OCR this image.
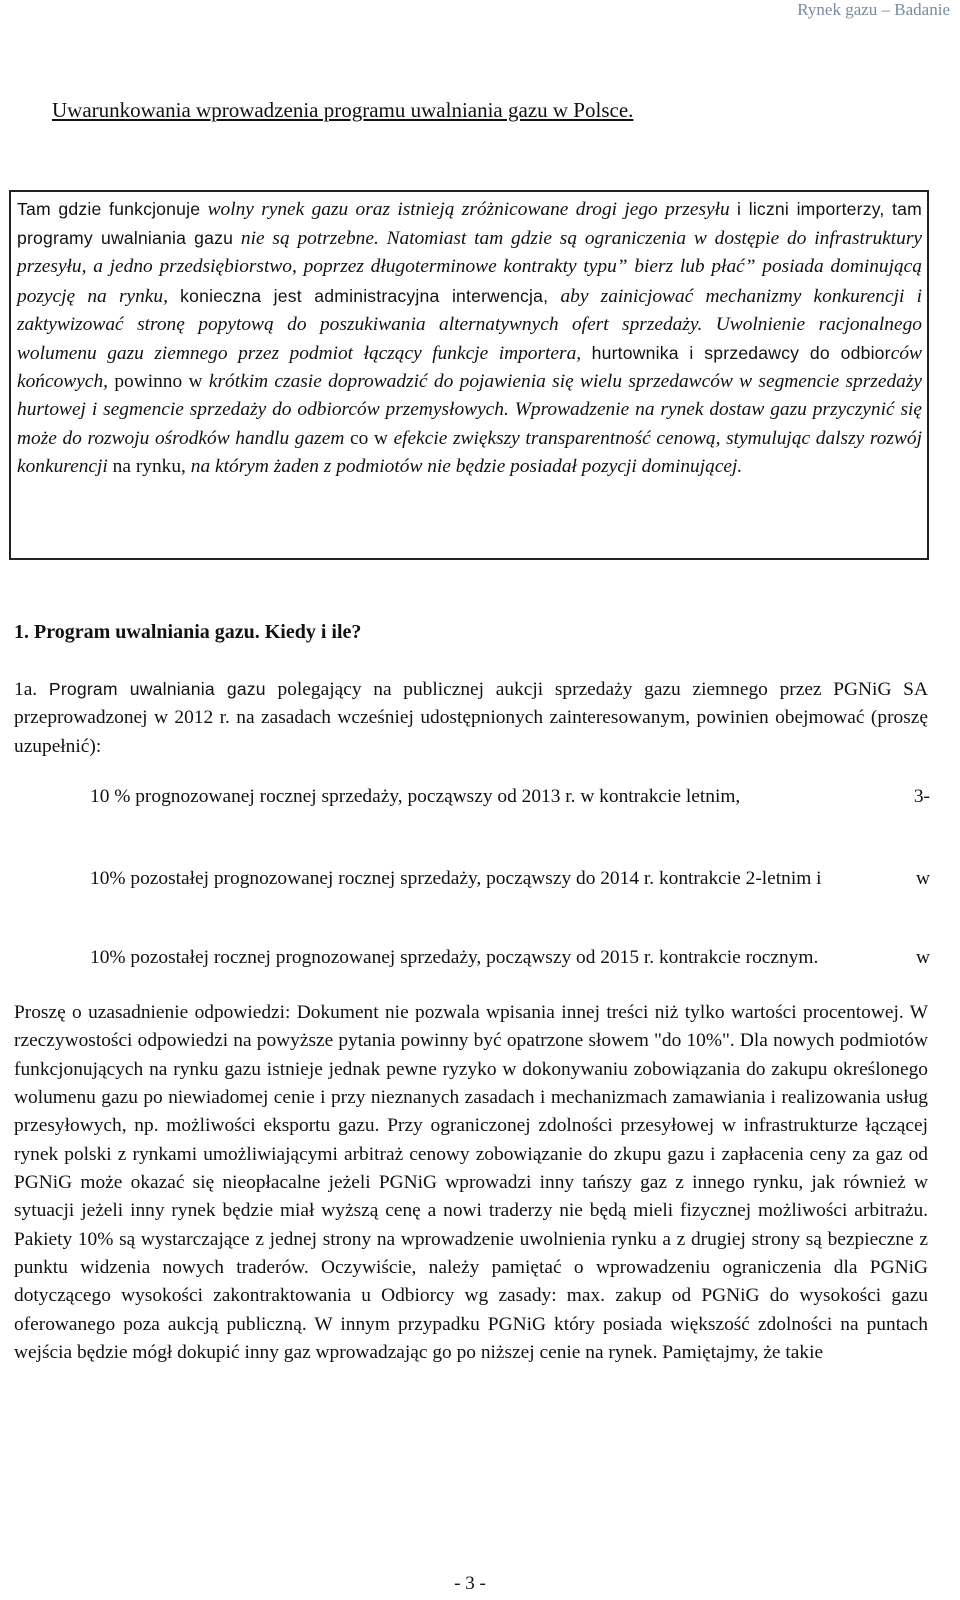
Rynek gazu – Badanie
Uwarunkowania wprowadzenia programu uwalniania gazu w Polsce.

Tam gdzie funkcjonuje wolny rynek gazu oraz istnieją zróżnicowane drogi jego przesyłu i liczni importerzy, tam programy uwalniania gazu nie są potrzebne. Natomiast tam gdzie są ograniczenia w dostępie do infrastruktury przesyłu, a jedno przedsiębiorstwo, poprzez długoterminowe kontrakty typu” bierz lub płać” posiada dominującą pozycję na rynku, konieczna jest administracyjna interwencja, aby zainicjować mechanizmy konkurencji i zaktywizować stronę popytową do poszukiwania alternatywnych ofert sprzedaży. Uwolnienie racjonalnego wolumenu gazu ziemnego przez podmiot łączący funkcje importera, hurtownika i sprzedawcy do odbiorców końcowych, powinno w krótkim czasie doprowadzić do pojawienia się wielu sprzedawców w segmencie sprzedaży hurtowej i segmencie sprzedaży do odbiorców przemysłowych. Wprowadzenie na rynek dostaw gazu przyczynić się może do rozwoju ośrodków handlu gazem co w efekcie zwiększy transparentność cenową, stymulując dalszy rozwój konkurencji na rynku, na którym żaden z podmiotów nie będzie posiadał pozycji dominującej.

1. Program uwalniania gazu. Kiedy i ile?
1a. Program uwalniania gazu polegający na publicznej aukcji sprzedaży gazu ziemnego przez PGNiG SA przeprowadzonej w 2012 r. na zasadach wcześniej udostępnionych zainteresowanym, powinien obejmować (proszę uzupełnić):
10 % prognozowanej rocznej sprzedaży, począwszy od 2013 r. w kontrakcie letnim,	3-
10% pozostałej prognozowanej rocznej sprzedaży, począwszy do 2014 r. kontrakcie 2-letnim i	w
10% pozostałej rocznej prognozowanej sprzedaży, począwszy od 2015 r. kontrakcie rocznym.	w

Proszę o uzasadnienie odpowiedzi: Dokument nie pozwala wpisania innej treści niż tylko wartości procentowej. W rzeczywostości odpowiedzi na powyższe pytania powinny być opatrzone słowem "do 10%". Dla nowych podmiotów funkcjonujących na rynku gazu istnieje jednak pewne ryzyko w dokonywaniu zobowiązania do zakupu określonego wolumenu gazu po niewiadomej cenie i przy nieznanych zasadach i mechanizmach zamawiania i realizowania usług przesyłowych, np. możliwości eksportu gazu. Przy ograniczonej zdolności przesyłowej w infrastrukturze łączącej rynek polski z rynkami umożliwiającymi arbitraż cenowy zobowiązanie do zkupu gazu i zapłacenia ceny za gaz od PGNiG może okazać się nieopłacalne jeżeli PGNiG wprowadzi inny tańszy gaz z innego rynku, jak również w sytuacji jeżeli inny rynek będzie miał wyższą cenę a nowi traderzy nie będą mieli fizycznej możliwości arbitrażu. Pakiety 10% są wystarczające z jednej strony na wprowadzenie uwolnienia rynku a z drugiej strony są bezpieczne z punktu widzenia nowych traderów. Oczywiście, należy pamiętać o wprowadzeniu ograniczenia dla PGNiG dotyczącego wysokości zakontraktowania u Odbiorcy wg zasady: max. zakup od PGNiG do wysokości gazu oferowanego poza aukcją publiczną. W innym przypadku PGNiG który posiada większość zdolności na puntach wejścia będzie mógł dokupić inny gaz wprowadzając go po niższej cenie na rynek. Pamiętajmy, że takie

- 3 -
